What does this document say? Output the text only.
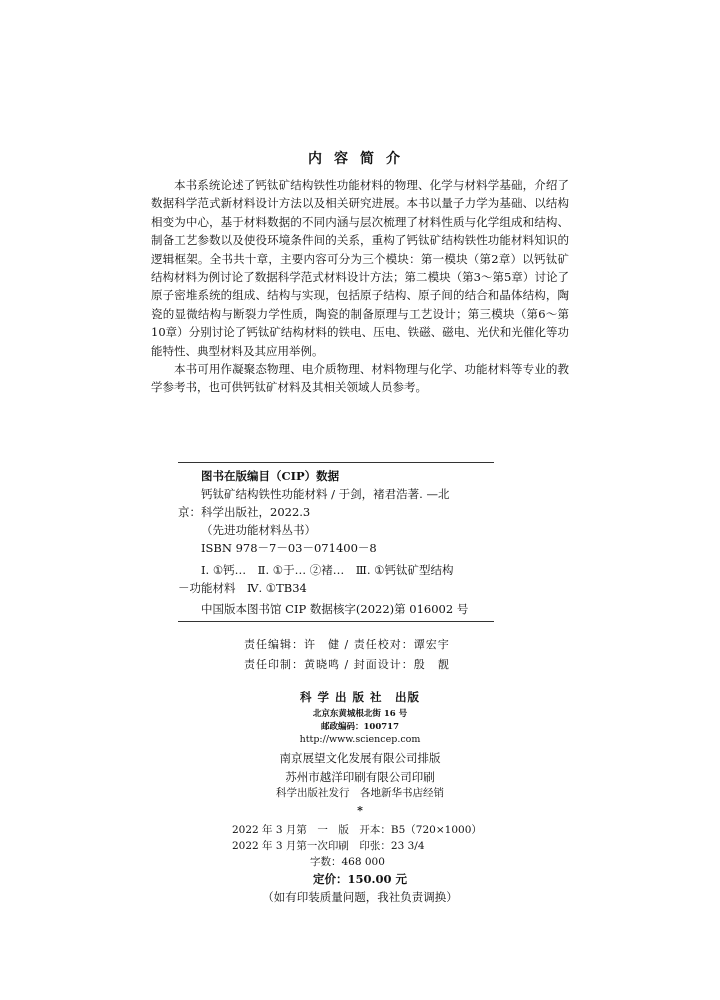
内容简介

本书系统论述了钙钛矿结构铁性功能材料的物理、化学与材料学基础，介绍了数据科学范式新材料设计方法以及相关研究进展。本书以量子力学为基础、以结构相变为中心，基于材料数据的不同内涵与层次梳理了材料性质与化学组成和结构、制备工艺参数以及使役环境条件间的关系，重构了钙钛矿结构铁性功能材料知识的逻辑框架。全书共十章，主要内容可分为三个模块：第一模块（第2章）以钙钛矿结构材料为例讨论了数据科学范式材料设计方法；第二模块（第3～第5章）讨论了原子密堆系统的组成、结构与实现，包括原子结构、原子间的结合和晶体结构，陶瓷的显微结构与断裂力学性质，陶瓷的制备原理与工艺设计；第三模块（第6～第10章）分别讨论了钙钛矿结构材料的铁电、压电、铁磁、磁电、光伏和光催化等功能特性、典型材料及其应用举例。

本书可用作凝聚态物理、电介质物理、材料物理与化学、功能材料等专业的教学参考书，也可供钙钛矿材料及其相关领域人员参考。

图书在版编目（CIP）数据
钙钛矿结构铁性功能材料 / 于剑，褚君浩著. —北
京：科学出版社，2022.3
（先进功能材料丛书）
ISBN 978－7－03－071400－8
Ⅰ. ①钙…　Ⅱ. ①于… ②褚…　Ⅲ. ①钙钛矿型结构
－功能材料　Ⅳ. ①TB34
中国版本图书馆 CIP 数据核字(2022)第 016002 号
责任编辑：许　健 / 责任校对：谭宏宇
责任印制：黄晓鸣 / 封面设计：殷　靓
科 学 出 版 社　出版
北京东黄城根北街 16 号
邮政编码：100717
http://www.sciencep.com
南京展望文化发展有限公司排版
苏州市越洋印刷有限公司印刷
科学出版社发行　各地新华书店经销
*
2022 年 3 月第　一　版　开本：B5（720×1000）
2022 年 3 月第一次印刷　印张：23 3/4
字数：468 000
定价：150.00 元
（如有印装质量问题，我社负责调换）
